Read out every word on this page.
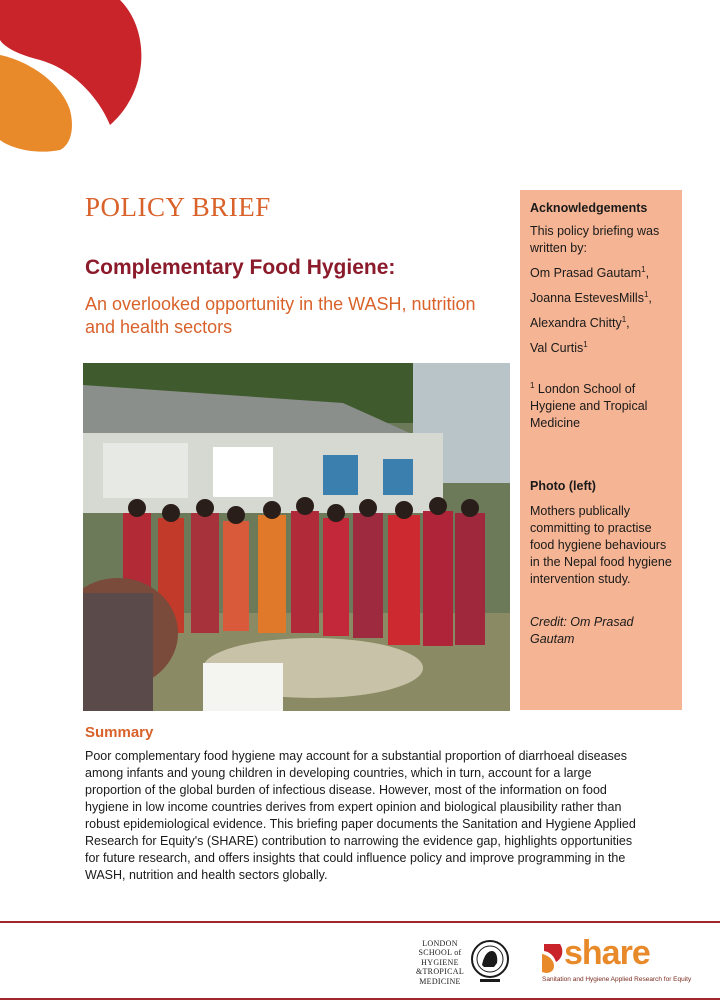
POLICY BRIEF
Complementary Food Hygiene:
An overlooked opportunity in the WASH, nutrition and health sectors
Acknowledgements
This policy briefing was written by:
Om Prasad Gautam$^1$,
Joanna EstevesMills$^1$,
Alexandra Chitty$^1$,
Val Curtis$^1$
$^1$ London School of Hygiene and Tropical Medicine
Photo (left)
Mothers publically committing to practise food hygiene behaviours in the Nepal food hygiene intervention study.
Credit: Om Prasad Gautam
Summary
Poor complementary food hygiene may account for a substantial proportion of diarrhoeal diseases among infants and young children in developing countries, which in turn, account for a large proportion of the global burden of infectious disease. However, most of the information on food hygiene in low income countries derives from expert opinion and biological plausibility rather than robust epidemiological evidence. This briefing paper documents the Sanitation and Hygiene Applied Research for Equity's (SHARE) contribution to narrowing the evidence gap, highlights opportunities for future research, and offers insights that could influence policy and improve programming in the WASH, nutrition and health sectors globally.
LONDON
SCHOOL of
HYGIENE
&TROPICAL
MEDICINE
share
Sanitation and Hygiene Applied Research for Equity
